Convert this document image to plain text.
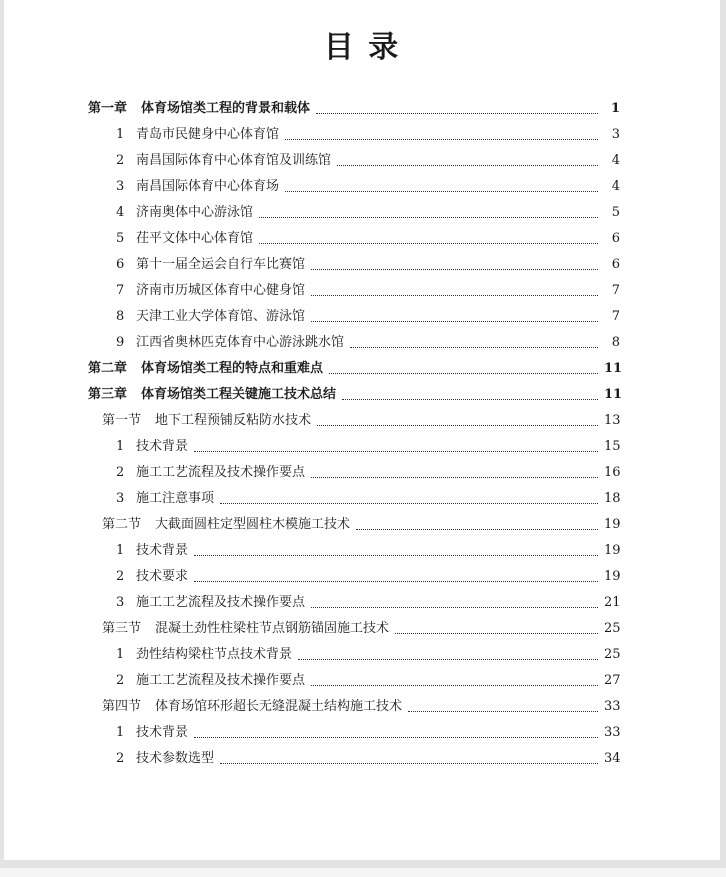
目 录
第一章 体育场馆类工程的背景和载体	1
1 青岛市民健身中心体育馆	3
2 南昌国际体育中心体育馆及训练馆	4
3 南昌国际体育中心体育场	4
4 济南奥体中心游泳馆	5
5 茌平文体中心体育馆	6
6 第十一届全运会自行车比赛馆	6
7 济南市历城区体育中心健身馆	7
8 天津工业大学体育馆、游泳馆	7
9 江西省奥林匹克体育中心游泳跳水馆	8
第二章 体育场馆类工程的特点和重难点	11
第三章 体育场馆类工程关键施工技术总结	11
第一节 地下工程预铺反粘防水技术	13
1 技术背景	15
2 施工工艺流程及技术操作要点	16
3 施工注意事项	18
第二节 大截面圆柱定型圆柱木模施工技术	19
1 技术背景	19
2 技术要求	19
3 施工工艺流程及技术操作要点	21
第三节 混凝土劲性柱梁柱节点钢筋锚固施工技术	25
1 劲性结构梁柱节点技术背景	25
2 施工工艺流程及技术操作要点	27
第四节 体育场馆环形超长无缝混凝土结构施工技术	33
1 技术背景	33
2 技术参数选型	34
